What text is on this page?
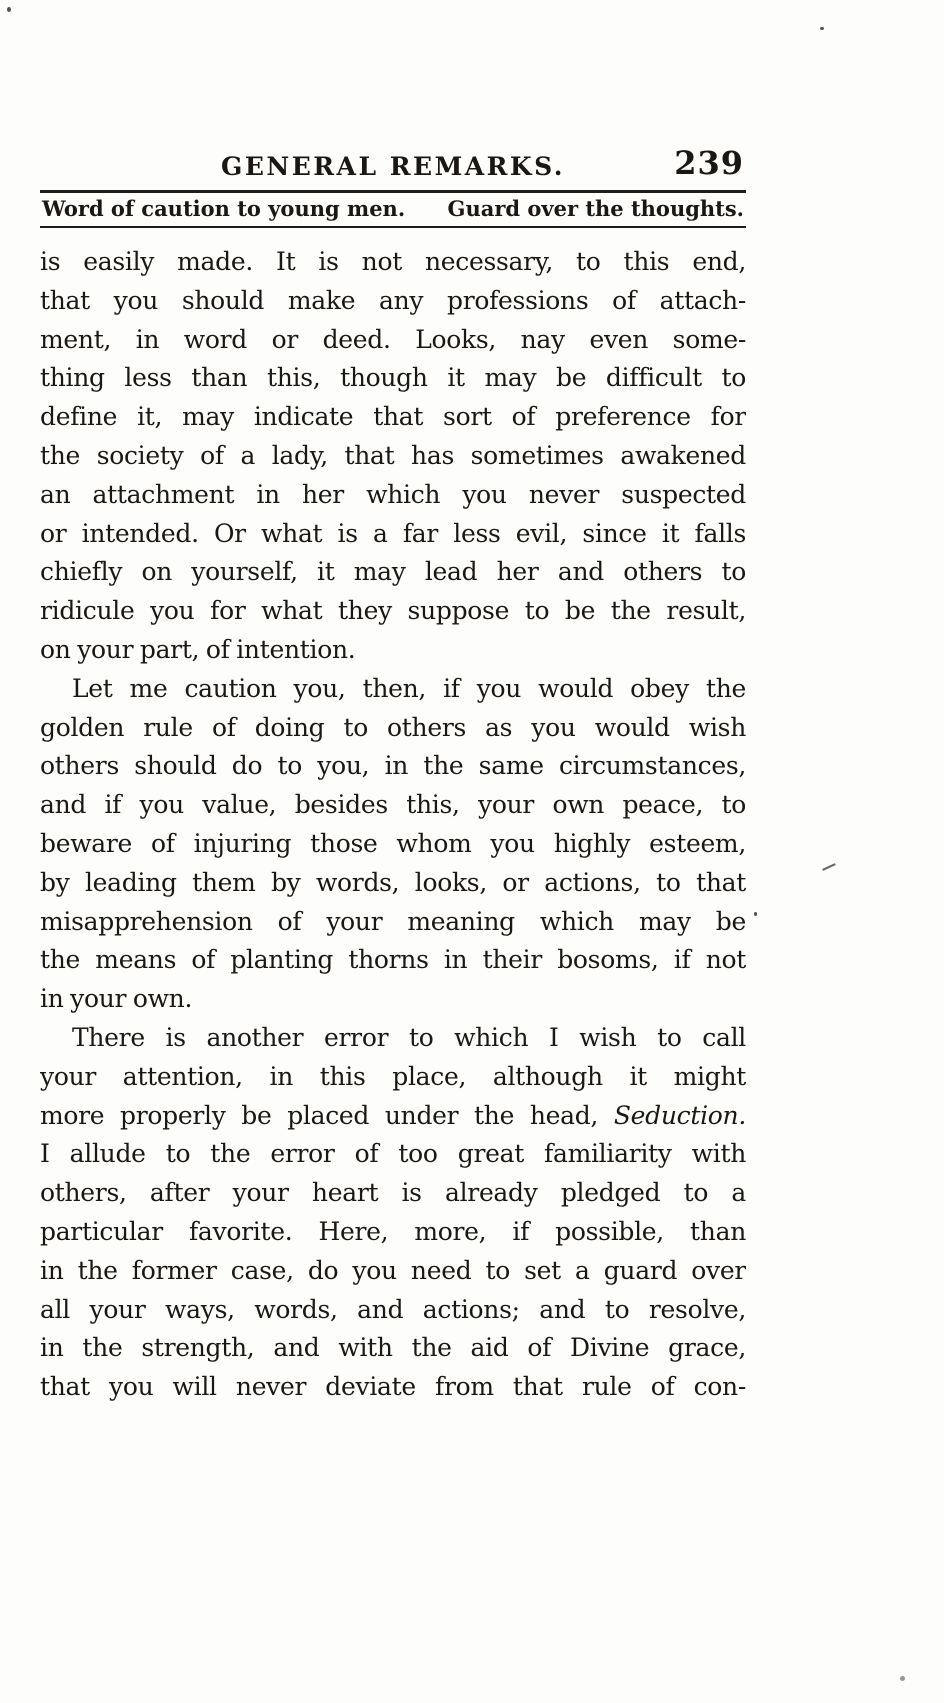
GENERAL REMARKS.	239
Word of caution to young men. Guard over the thoughts.
is easily made. It is not necessary, to this end,
that you should make any professions of attach-
ment, in word or deed. Looks, nay even some-
thing less than this, though it may be difficult to
define it, may indicate that sort of preference for
the society of a lady, that has sometimes awakened
an attachment in her which you never suspected
or intended. Or what is a far less evil, since it falls
chiefly on yourself, it may lead her and others to
ridicule you for what they suppose to be the result,
on your part, of intention.
Let me caution you, then, if you would obey the
golden rule of doing to others as you would wish
others should do to you, in the same circumstances,
and if you value, besides this, your own peace, to
beware of injuring those whom you highly esteem,
by leading them by words, looks, or actions, to that
misapprehension of your meaning which may be
the means of planting thorns in their bosoms, if not
in your own.
There is another error to which I wish to call
your attention, in this place, although it might
more properly be placed under the head, Seduction.
I allude to the error of too great familiarity with
others, after your heart is already pledged to a
particular favorite. Here, more, if possible, than
in the former case, do you need to set a guard over
all your ways, words, and actions; and to resolve,
in the strength, and with the aid of Divine grace,
that you will never deviate from that rule of con-
